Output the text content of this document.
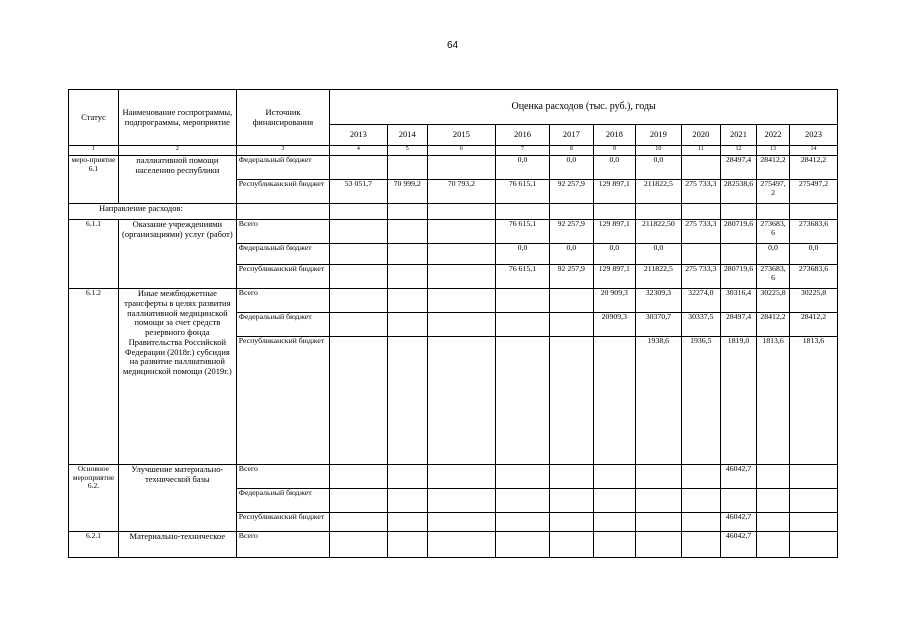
64
Статус	Наименование госпрограммы, подпрограммы, мероприятие	Источник финансирования	Оценка расходов (тыс. руб.), годы										
			2013	2014	2015	2016	2017	2018	2019	2020	2021	2022	2023
1	2	3	4	5	6	7	8	9	10	11	12	13	14
меро-приятие 6.1	паллиативной помощи населению республики	Федеральный бюджет				0,0	0,0	0,0	0,0		28497,4	28412,2	28412,2
		Республиканский бюджет	53 051,7	70 999,2	70 793,2	76 615,1	92 257,9	129 897,1	211822,5	275 733,3	282538,6	275497,2	275497,2
Направление расходов:													
6.1.1	Оказание учреждениями (организациями) услуг (работ)	Всего				76 615,1	92 257,9	129 897,1	211822,50	275 733,3	280719,6	273683,6	273683,6
		Федеральный бюджет				0,0	0,0	0,0	0,0			0,0	0,0
		Республиканский бюджет				76 615,1	92 257,9	129 897,1	211822,5	275 733,3	280719,6	273683,6	273683,6
6.1.2	Иные межбюджетные трансферты в целях развития паллиативной медицинской помощи за счет средств резервного фонда Правительства Российской Федерации (2018г.) субсидия на развитие паллиативной медицинской помощи (2019г.)	Всего						20 909,3	32309,3	32274,0	30316,4	30225,8	30225,8
		Федеральный бюджет						20909,3	30370,7	30337,5	28497,4	28412,2	28412,2
		Республиканский бюджет							1938,6	1936,5	1819,0	1813,6	1813,6
Основное мероприятие 6.2.	Улучшение материально-технической базы	Всего									46042,7		
		Федеральный бюджет											
		Республиканский бюджет									46042,7		
6.2.1	Материально-техническое	Всего									46042,7		
